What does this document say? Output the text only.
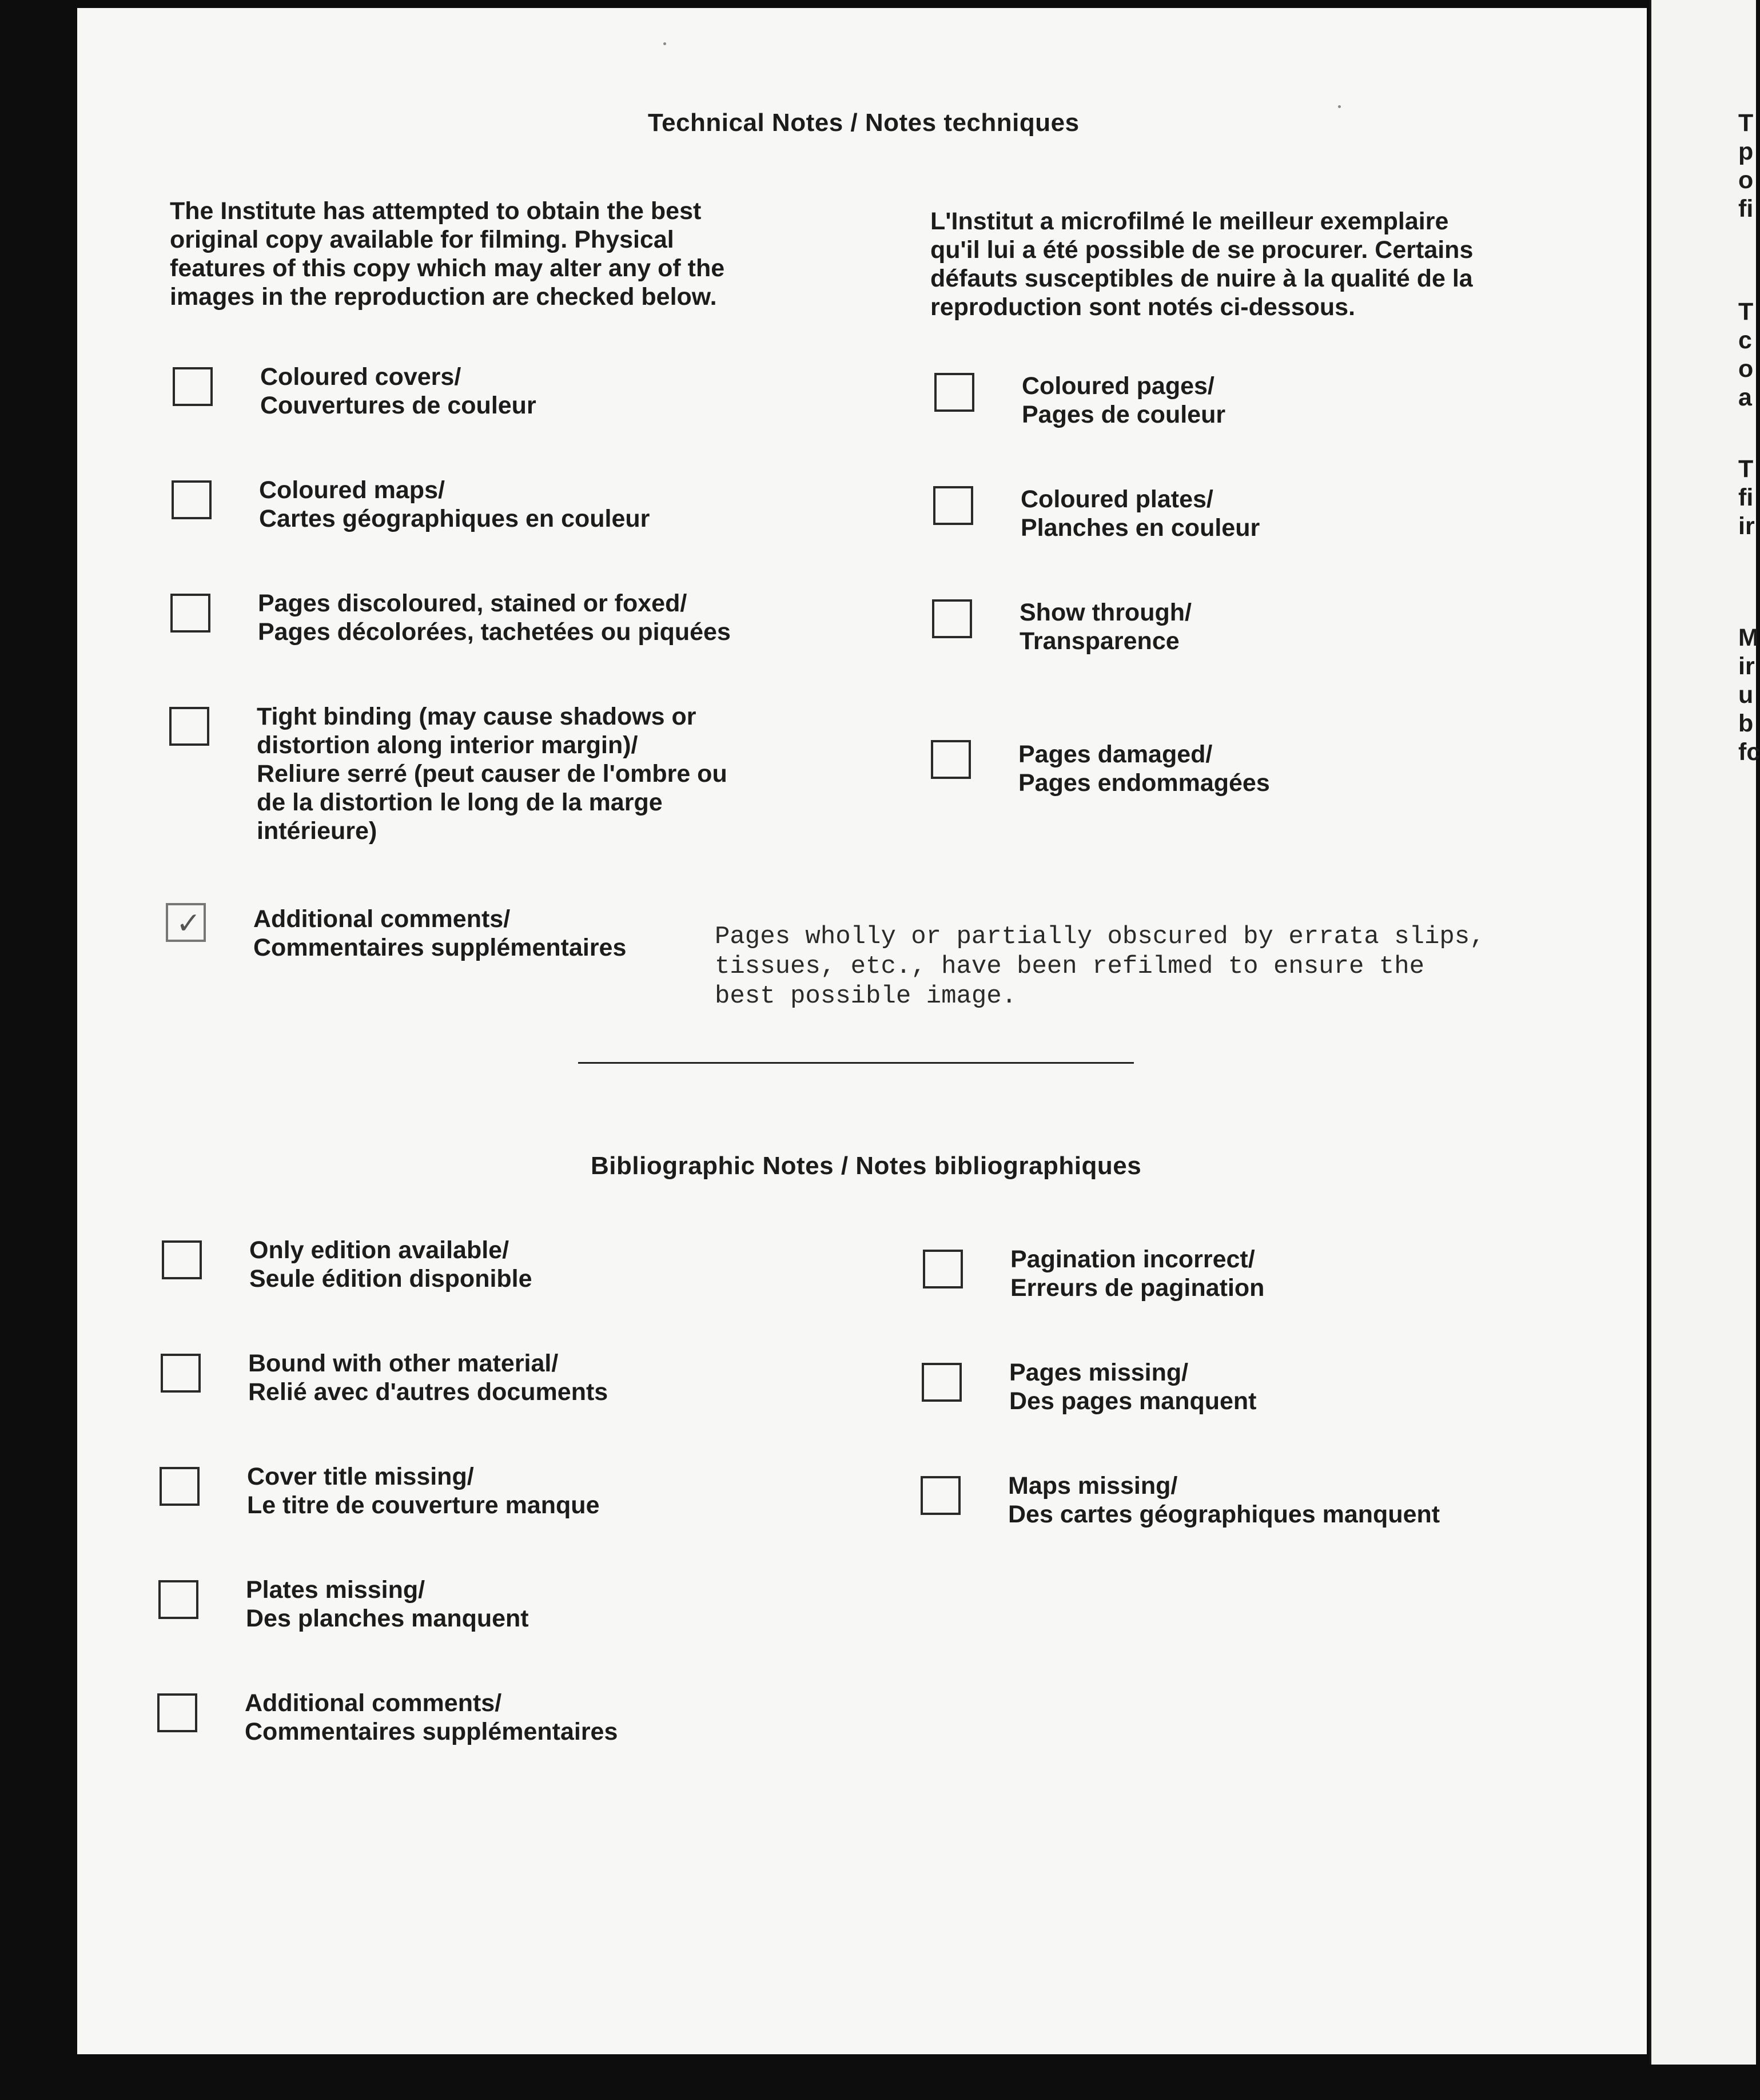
Technical Notes / Notes techniques
The Institute has attempted to obtain the best
original copy available for filming. Physical
features of this copy which may alter any of the
images in the reproduction are checked below.
L'Institut a microfilmé le meilleur exemplaire
qu'il lui a été possible de se procurer. Certains
défauts susceptibles de nuire à la qualité de la
reproduction sont notés ci-dessous.
Coloured covers/
Couvertures de couleur
Coloured maps/
Cartes géographiques en couleur
Pages discoloured, stained or foxed/
Pages décolorées, tachetées ou piquées
Tight binding (may cause shadows or
distortion along interior margin)/
Reliure serré (peut causer de l'ombre ou
de la distortion le long de la marge
intérieure)
Coloured pages/
Pages de couleur
Coloured plates/
Planches en couleur
Show through/
Transparence
Pages damaged/
Pages endommagées
✓ Additional comments/
Commentaires supplémentaires	Pages wholly or partially obscured by errata slips,
tissues, etc., have been refilmed to ensure the
best possible image.
Bibliographic Notes / Notes bibliographiques
Only edition available/
Seule édition disponible
Bound with other material/
Relié avec d'autres documents
Cover title missing/
Le titre de couverture manque
Plates missing/
Des planches manquent
Additional comments/
Commentaires supplémentaires
Pagination incorrect/
Erreurs de pagination
Pages missing/
Des pages manquent
Maps missing/
Des cartes géographiques manquent
T
p
o
fi
T
c
o
a
T
fi
ir
M
ir
u
b
fc
